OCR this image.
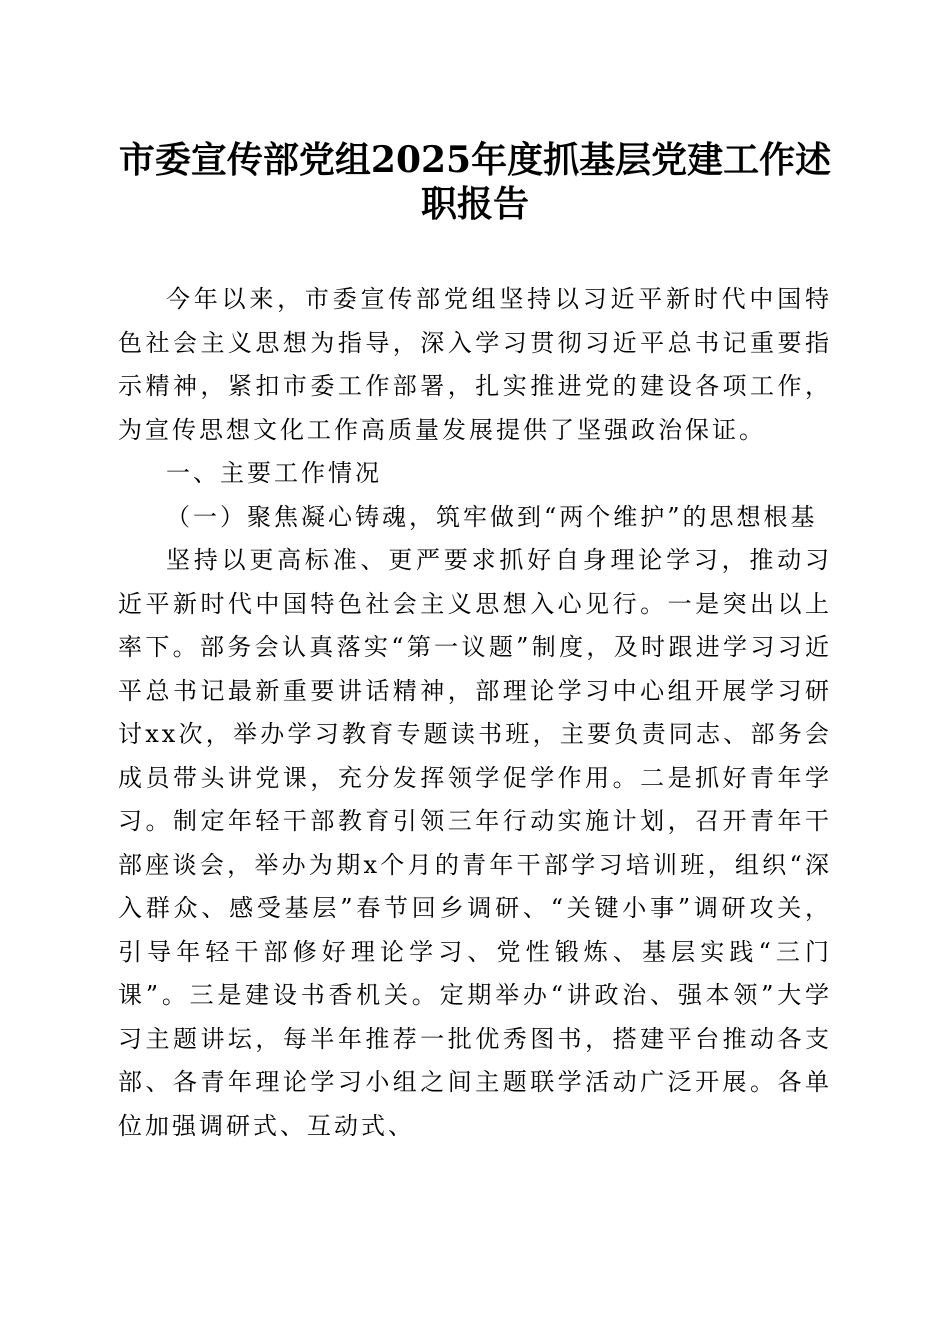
市委宣传部党组2025年度抓基层党建工作述职报告

今年以来，市委宣传部党组坚持以习近平新时代中国特色社会主义思想为指导，深入学习贯彻习近平总书记重要指示精神，紧扣市委工作部署，扎实推进党的建设各项工作，为宣传思想文化工作高质量发展提供了坚强政治保证。

一、主要工作情况

（一）聚焦凝心铸魂，筑牢做到“两个维护”的思想根基

坚持以更高标准、更严要求抓好自身理论学习，推动习近平新时代中国特色社会主义思想入心见行。一是突出以上率下。部务会认真落实“第一议题”制度，及时跟进学习习近平总书记最新重要讲话精神，部理论学习中心组开展学习研讨xx次，举办学习教育专题读书班，主要负责同志、部务会成员带头讲党课，充分发挥领学促学作用。二是抓好青年学习。制定年轻干部教育引领三年行动实施计划，召开青年干部座谈会，举办为期x个月的青年干部学习培训班，组织“深入群众、感受基层”春节回乡调研、“关键小事”调研攻关，引导年轻干部修好理论学习、党性锻炼、基层实践“三门课”。三是建设书香机关。定期举办“讲政治、强本领”大学习主题讲坛，每半年推荐一批优秀图书，搭建平台推动各支部、各青年理论学习小组之间主题联学活动广泛开展。各单位加强调研式、互动式、
